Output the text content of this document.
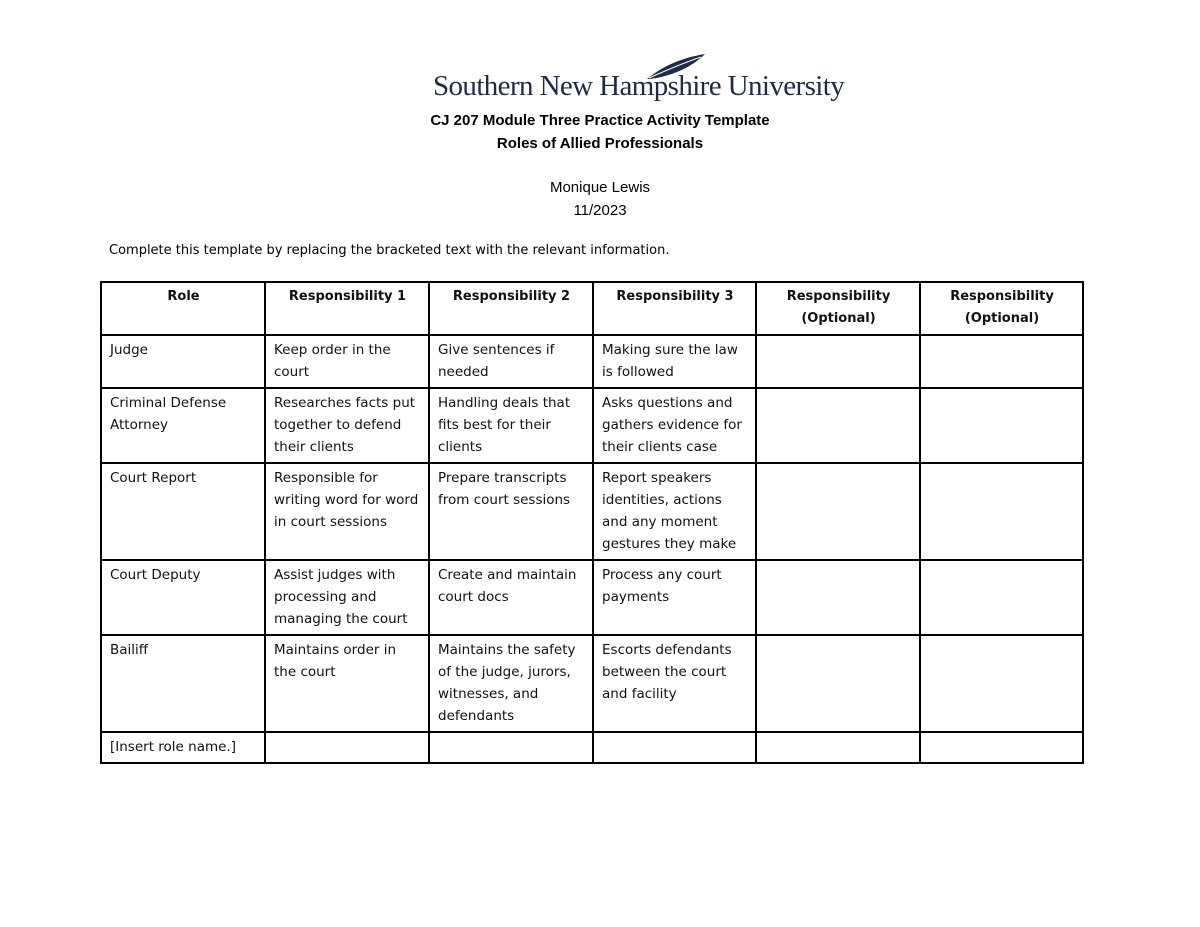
Southern New Hampshire University
CJ 207 Module Three Practice Activity Template
Roles of Allied Professionals
Monique Lewis
11/2023
Complete this template by replacing the bracketed text with the relevant information.
Role	Responsibility 1	Responsibility 2	Responsibility 3	Responsibility (Optional)	Responsibility (Optional)
Judge	Keep order in the court	Give sentences if needed	Making sure the law is followed		
Criminal Defense Attorney	Researches facts put together to defend their clients	Handling deals that fits best for their clients	Asks questions and gathers evidence for their clients case		
Court Report	Responsible for writing word for word in court sessions	Prepare transcripts from court sessions	Report speakers identities, actions and any moment gestures they make		
Court Deputy	Assist judges with processing and managing the court	Create and maintain court docs	Process any court payments		
Bailiff	Maintains order in the court	Maintains the safety of the judge, jurors, witnesses, and defendants	Escorts defendants between the court and facility		
[Insert role name.]					
